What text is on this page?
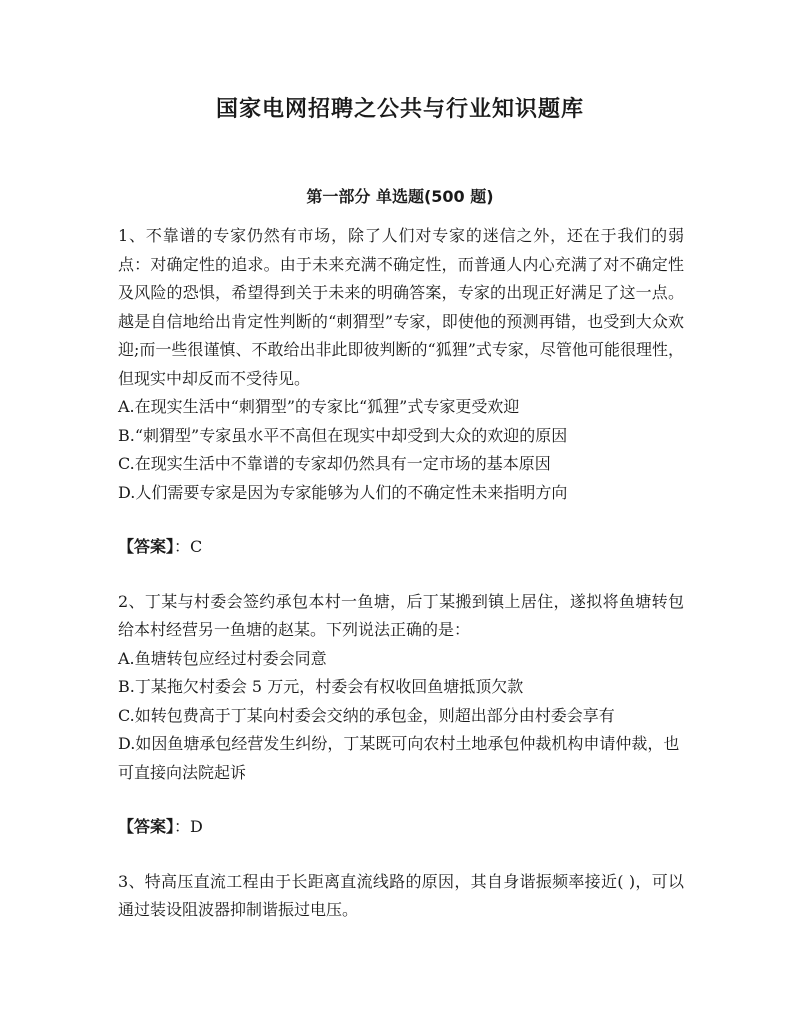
国家电网招聘之公共与行业知识题库
第一部分 单选题(500 题)

1、不靠谱的专家仍然有市场，除了人们对专家的迷信之外，还在于我们的弱点：对确定性的追求。由于未来充满不确定性，而普通人内心充满了对不确定性及风险的恐惧，希望得到关于未来的明确答案，专家的出现正好满足了这一点。越是自信地给出肯定性判断的“刺猬型”专家，即使他的预测再错，也受到大众欢迎;而一些很谨慎、不敢给出非此即彼判断的“狐狸”式专家，尽管他可能很理性，但现实中却反而不受待见。

A.在现实生活中“刺猬型”的专家比“狐狸”式专家更受欢迎

B.“刺猬型”专家虽水平不高但在现实中却受到大众的欢迎的原因

C.在现实生活中不靠谱的专家却仍然具有一定市场的基本原因

D.人们需要专家是因为专家能够为人们的不确定性未来指明方向

【答案】：C

2、丁某与村委会签约承包本村一鱼塘，后丁某搬到镇上居住，遂拟将鱼塘转包给本村经营另一鱼塘的赵某。下列说法正确的是：

A.鱼塘转包应经过村委会同意

B.丁某拖欠村委会 5 万元，村委会有权收回鱼塘抵顶欠款

C.如转包费高于丁某向村委会交纳的承包金，则超出部分由村委会享有

D.如因鱼塘承包经营发生纠纷，丁某既可向农村土地承包仲裁机构申请仲裁，也可直接向法院起诉

【答案】：D

3、特高压直流工程由于长距离直流线路的原因，其自身谐振频率接近( )，可以通过装设阻波器抑制谐振过电压。
